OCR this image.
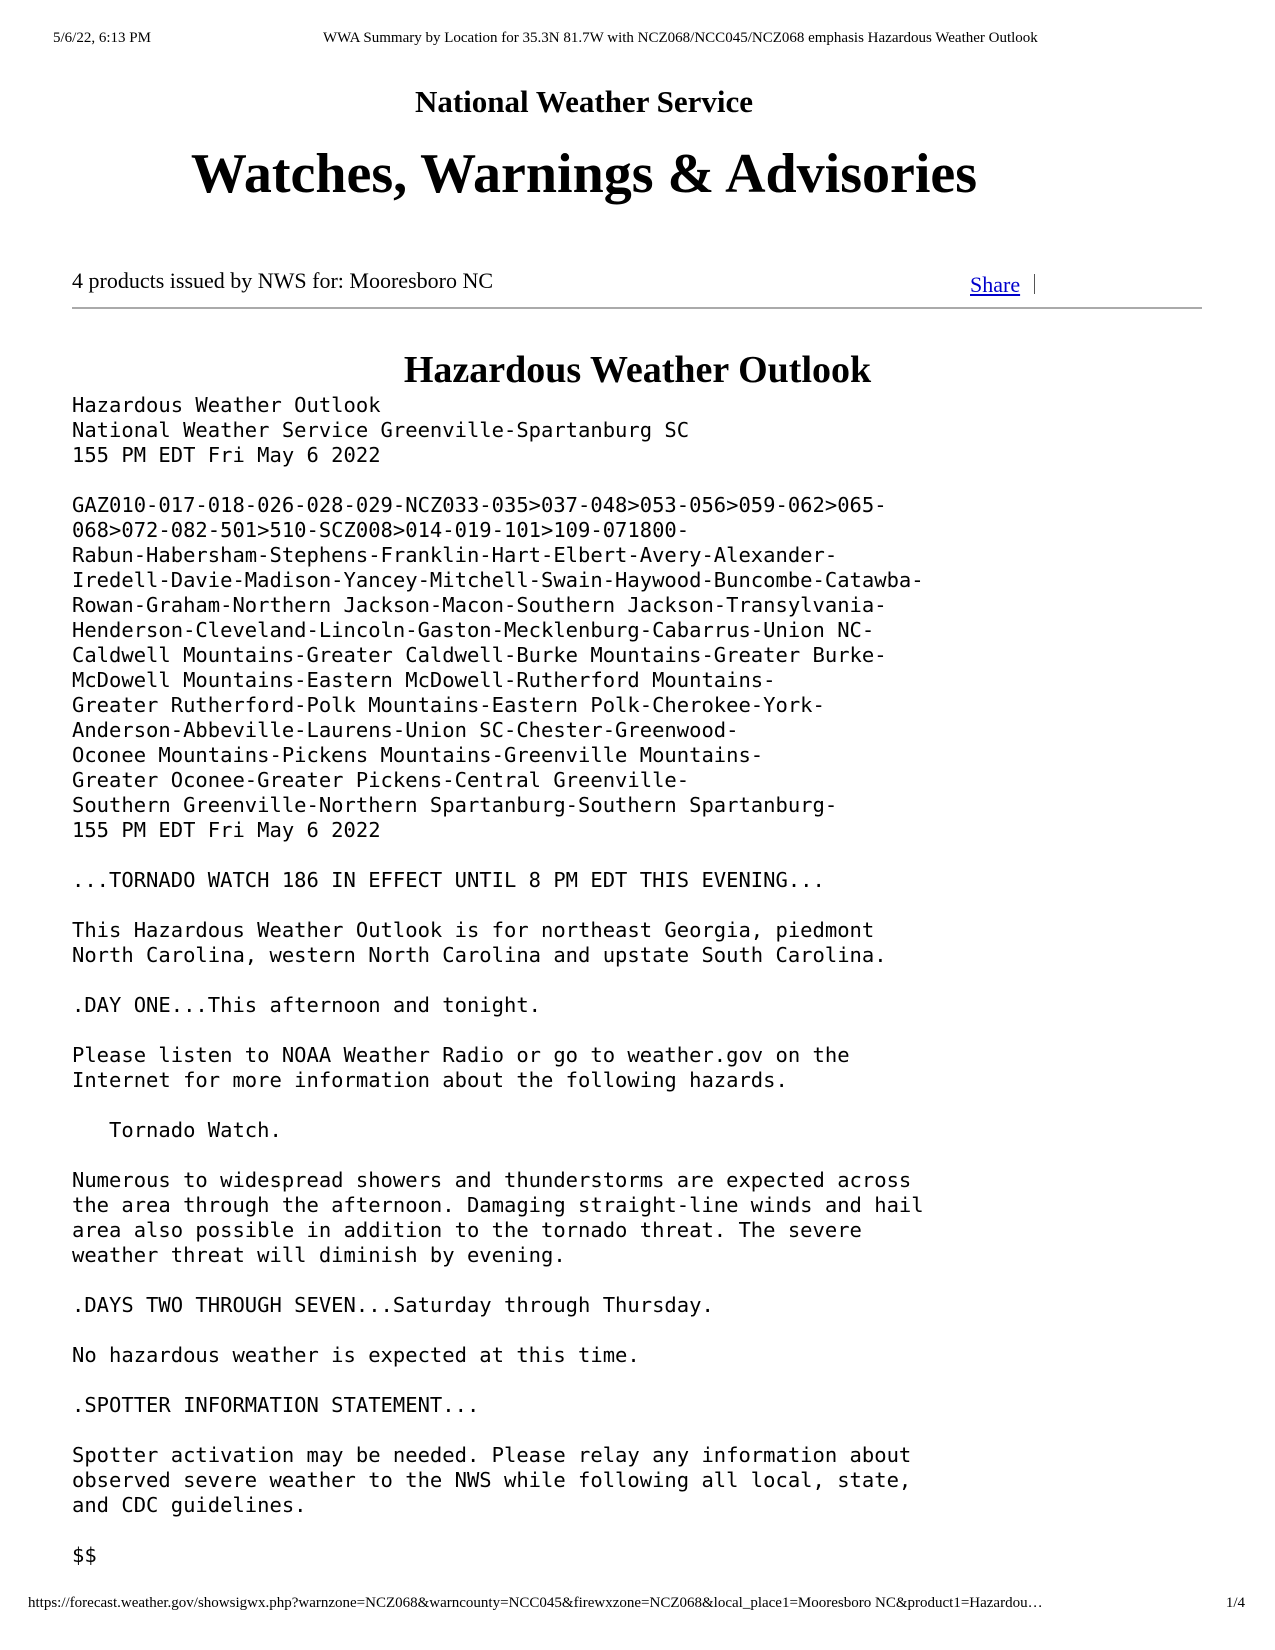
5/6/22, 6:13 PM	WWA Summary by Location for 35.3N 81.7W with NCZ068/NCC045/NCZ068 emphasis Hazardous Weather Outlook
National Weather Service
Watches, Warnings & Advisories
4 products issued by NWS for: Mooresboro NC	Share
Hazardous Weather Outlook
Hazardous Weather Outlook
National Weather Service Greenville-Spartanburg SC
155 PM EDT Fri May 6 2022

GAZ010-017-018-026-028-029-NCZ033-035>037-048>053-056>059-062>065-
068>072-082-501>510-SCZ008>014-019-101>109-071800-
Rabun-Habersham-Stephens-Franklin-Hart-Elbert-Avery-Alexander-
Iredell-Davie-Madison-Yancey-Mitchell-Swain-Haywood-Buncombe-Catawba-
Rowan-Graham-Northern Jackson-Macon-Southern Jackson-Transylvania-
Henderson-Cleveland-Lincoln-Gaston-Mecklenburg-Cabarrus-Union NC-
Caldwell Mountains-Greater Caldwell-Burke Mountains-Greater Burke-
McDowell Mountains-Eastern McDowell-Rutherford Mountains-
Greater Rutherford-Polk Mountains-Eastern Polk-Cherokee-York-
Anderson-Abbeville-Laurens-Union SC-Chester-Greenwood-
Oconee Mountains-Pickens Mountains-Greenville Mountains-
Greater Oconee-Greater Pickens-Central Greenville-
Southern Greenville-Northern Spartanburg-Southern Spartanburg-
155 PM EDT Fri May 6 2022

...TORNADO WATCH 186 IN EFFECT UNTIL 8 PM EDT THIS EVENING...

This Hazardous Weather Outlook is for northeast Georgia, piedmont
North Carolina, western North Carolina and upstate South Carolina.

.DAY ONE...This afternoon and tonight.

Please listen to NOAA Weather Radio or go to weather.gov on the
Internet for more information about the following hazards.

Tornado Watch.

Numerous to widespread showers and thunderstorms are expected across
the area through the afternoon. Damaging straight-line winds and hail
area also possible in addition to the tornado threat. The severe
weather threat will diminish by evening.

.DAYS TWO THROUGH SEVEN...Saturday through Thursday.

No hazardous weather is expected at this time.

.SPOTTER INFORMATION STATEMENT...

Spotter activation may be needed. Please relay any information about
observed severe weather to the NWS while following all local, state,
and CDC guidelines.

$$
https://forecast.weather.gov/showsigwx.php?warnzone=NCZ068&warncounty=NCC045&firewxzone=NCZ068&local_place1=Mooresboro NC&product1=Hazardou…	1/4
